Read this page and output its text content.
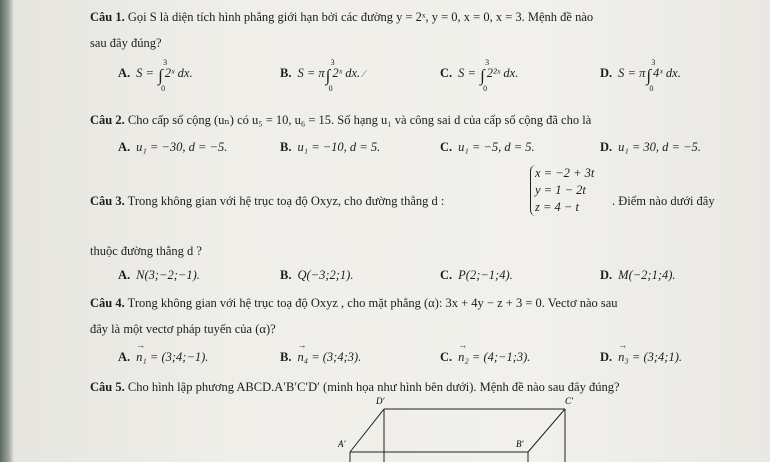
Câu 1. Gọi S là diện tích hình phẳng giới hạn bởi các đường y = 2ˣ, y = 0, x = 0, x = 3. Mệnh đề nào
sau đây đúng?
A. S = ∫
3
0
2ˣ dx.	B. S = π∫
3
0
2ˣ dx. ⁄	C. S = ∫
3
0
2²ˣ dx.	D. S = π∫
3
0
4ˣ dx.
Câu 2. Cho cấp số cộng (uₙ) có u₅ = 10, u₆ = 15. Số hạng u₁ và công sai d của cấp số cộng đã cho là
A. u₁ = −30, d = −5.	B. u₁ = −10, d = 5.	C. u₁ = −5, d = 5.	D. u₁ = 30, d = −5.
Câu 3. Trong không gian với hệ trục toạ độ Oxyz, cho đường thẳng d :
x = −2 + 3t
y = 1 − 2t
z = 4 − t	. Điểm nào dưới đây
thuộc đường thẳng d ?
A. N(3;−2;−1).	B. Q(−3;2;1).	C. P(2;−1;4).	D. M(−2;1;4).
Câu 4. Trong không gian với hệ trục toạ độ Oxyz , cho mặt phẳng (α): 3x + 4y − z + 3 = 0. Vectơ nào sau
đây là một vectơ pháp tuyến của (α)?
A. → n₁ = (3;4;−1).	B. → n₄ = (3;4;3).	C. → n₂ = (4;−1;3).	D. → n₃ = (3;4;1).
Câu 5. Cho hình lập phương ABCD.A′B′C′D′ (minh họa như hình bên dưới). Mệnh đề nào sau đây đúng?
D′	C′
A′	B′
